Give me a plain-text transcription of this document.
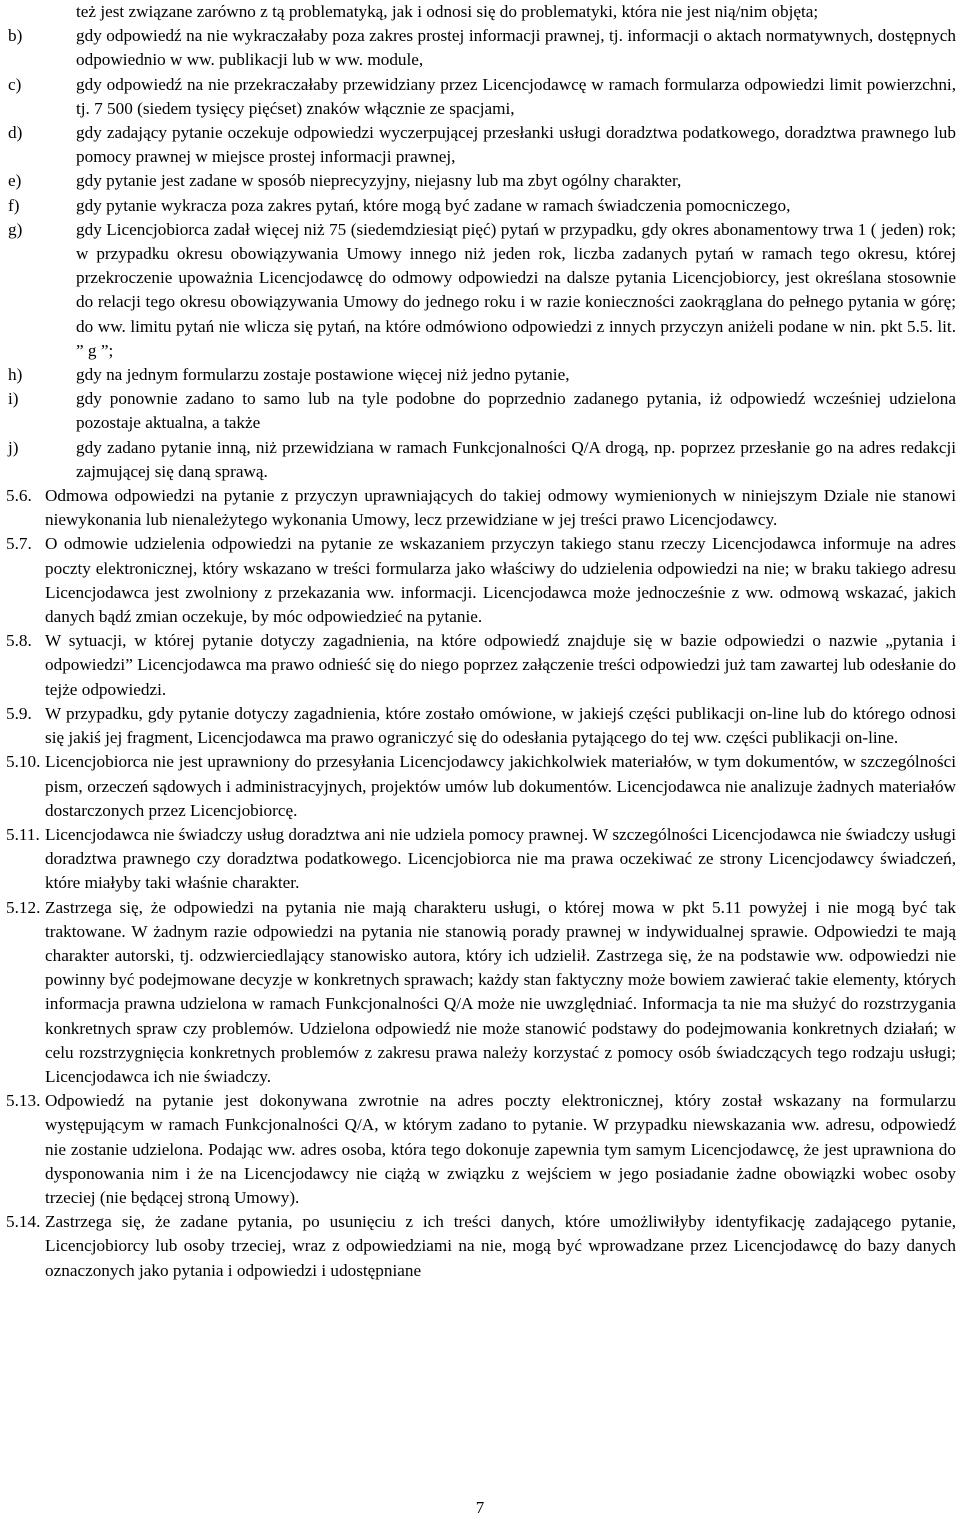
też jest związane zarówno z tą problematyką, jak i odnosi się do problematyki, która nie jest nią/nim objęta;
b)	gdy odpowiedź na nie wykraczałaby poza zakres prostej informacji prawnej, tj. informacji o aktach normatywnych, dostępnych odpowiednio w ww. publikacji lub w ww. module,
c)	gdy odpowiedź na nie przekraczałaby przewidziany przez Licencjodawcę w ramach formularza odpowiedzi limit powierzchni, tj. 7 500 (siedem tysięcy pięćset) znaków włącznie ze spacjami,
d)	gdy zadający pytanie oczekuje odpowiedzi wyczerpującej przesłanki usługi doradztwa podatkowego, doradztwa prawnego lub pomocy prawnej w miejsce prostej informacji prawnej,
e)	gdy pytanie jest zadane w sposób nieprecyzyjny, niejasny lub ma zbyt ogólny charakter,
f)	gdy pytanie wykracza poza zakres pytań, które mogą być zadane w ramach świadczenia pomocniczego,
g)	gdy Licencjobiorca zadał więcej niż 75 (siedemdziesiąt pięć) pytań w przypadku, gdy okres abonamentowy trwa 1 ( jeden) rok; w przypadku okresu obowiązywania Umowy innego niż jeden rok, liczba zadanych pytań w ramach tego okresu, której przekroczenie upoważnia Licencjodawcę do odmowy odpowiedzi na dalsze pytania Licencjobiorcy, jest określana stosownie do relacji tego okresu obowiązywania Umowy do jednego roku i w razie konieczności zaokrąglana do pełnego pytania w górę; do ww. limitu pytań nie wlicza się pytań, na które odmówiono odpowiedzi z innych przyczyn aniżeli podane w nin. pkt 5.5. lit. ” g ”;
h)	gdy na jednym formularzu zostaje postawione więcej niż jedno pytanie,
i)	gdy ponownie zadano to samo lub na tyle podobne do poprzednio zadanego pytania, iż odpowiedź wcześniej udzielona pozostaje aktualna, a także
j)	gdy zadano pytanie inną, niż przewidziana w ramach Funkcjonalności Q/A drogą, np. poprzez przesłanie go na adres redakcji zajmującej się daną sprawą.
5.6. Odmowa odpowiedzi na pytanie z przyczyn uprawniających do takiej odmowy wymienionych w niniejszym Dziale nie stanowi niewykonania lub nienależytego wykonania Umowy, lecz przewidziane w jej treści prawo Licencjodawcy.
5.7. O odmowie udzielenia odpowiedzi na pytanie ze wskazaniem przyczyn takiego stanu rzeczy Licencjodawca informuje na adres poczty elektronicznej, który wskazano w treści formularza jako właściwy do udzielenia odpowiedzi na nie; w braku takiego adresu Licencjodawca jest zwolniony z przekazania ww. informacji. Licencjodawca może jednocześnie z ww. odmową wskazać, jakich danych bądź zmian oczekuje, by móc odpowiedzieć na pytanie.
5.8. W sytuacji, w której pytanie dotyczy zagadnienia, na które odpowiedź znajduje się w bazie odpowiedzi o nazwie „pytania i odpowiedzi” Licencjodawca ma prawo odnieść się do niego poprzez załączenie treści odpowiedzi już tam zawartej lub odesłanie do tejże odpowiedzi.
5.9. W przypadku, gdy pytanie dotyczy zagadnienia, które zostało omówione, w jakiejś części publikacji on-line lub do którego odnosi się jakiś jej fragment, Licencjodawca ma prawo ograniczyć się do odesłania pytającego do tej ww. części publikacji on-line.
5.10. Licencjobiorca nie jest uprawniony do przesyłania Licencjodawcy jakichkolwiek materiałów, w tym dokumentów, w szczególności pism, orzeczeń sądowych i administracyjnych, projektów umów lub dokumentów. Licencjodawca nie analizuje żadnych materiałów dostarczonych przez Licencjobiorcę.
5.11. Licencjodawca nie świadczy usług doradztwa ani nie udziela pomocy prawnej. W szczególności Licencjodawca nie świadczy usługi doradztwa prawnego czy doradztwa podatkowego. Licencjobiorca nie ma prawa oczekiwać ze strony Licencjodawcy świadczeń, które miałyby taki właśnie charakter.
5.12. Zastrzega się, że odpowiedzi na pytania nie mają charakteru usługi, o której mowa w pkt 5.11 powyżej i nie mogą być tak traktowane. W żadnym razie odpowiedzi na pytania nie stanowią porady prawnej w indywidualnej sprawie. Odpowiedzi te mają charakter autorski, tj. odzwierciedlający stanowisko autora, który ich udzielił. Zastrzega się, że na podstawie ww. odpowiedzi nie powinny być podejmowane decyzje w konkretnych sprawach; każdy stan faktyczny może bowiem zawierać takie elementy, których informacja prawna udzielona w ramach Funkcjonalności Q/A może nie uwzględniać. Informacja ta nie ma służyć do rozstrzygania konkretnych spraw czy problemów. Udzielona odpowiedź nie może stanowić podstawy do podejmowania konkretnych działań; w celu rozstrzygnięcia konkretnych problemów z zakresu prawa należy korzystać z pomocy osób świadczących tego rodzaju usługi; Licencjodawca ich nie świadczy.
5.13. Odpowiedź na pytanie jest dokonywana zwrotnie na adres poczty elektronicznej, który został wskazany na formularzu występującym w ramach Funkcjonalności Q/A, w którym zadano to pytanie. W przypadku niewskazania ww. adresu, odpowiedź nie zostanie udzielona. Podając ww. adres osoba, która tego dokonuje zapewnia tym samym Licencjodawcę, że jest uprawniona do dysponowania nim i że na Licencjodawcy nie ciążą w związku z wejściem w jego posiadanie żadne obowiązki wobec osoby trzeciej (nie będącej stroną Umowy).
5.14. Zastrzega się, że zadane pytania, po usunięciu z ich treści danych, które umożliwiłyby identyfikację zadającego pytanie, Licencjobiorcy lub osoby trzeciej, wraz z odpowiedziami na nie, mogą być wprowadzane przez Licencjodawcę do bazy danych oznaczonych jako pytania i odpowiedzi i udostępniane
7
